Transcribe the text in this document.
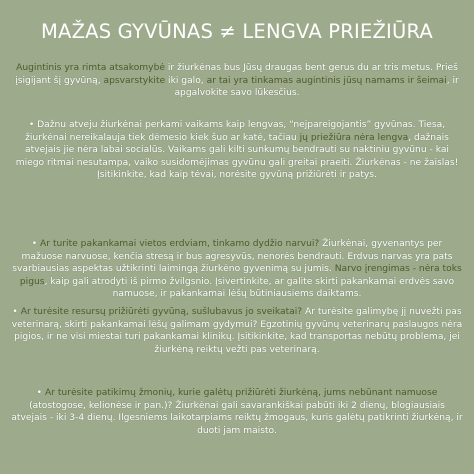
MAŽAS GYVŪNAS ≠ LENGVA PRIEŽIŪRA

Augintinis yra rimta atsakomybė ir žiurkėnas bus Jūsų draugas bent gerus du ar tris metus. Prieš įsigijant šį gyvūną, apsvarstykite iki galo, ar tai yra tinkamas augintinis jūsų namams ir šeimai, ir apgalvokite savo lūkesčius.

• Dažnu atveju žiurkėnai perkami vaikams kaip lengvas, “nejpareigojantis” gyvūnas. Tiesa, žiurkėnai nereikalauja tiek dėmesio kiek šuo ar katė, tačiau jų priežiūra nėra lengva, dažnais atvejais jie nėra labai socialūs. Vaikams gali kilti sunkumų bendrauti su naktiniu gyvūnu - kai miego ritmai nesutampa, vaiko susidomėjimas gyvūnu gali greitai praeiti. Žiurkėnas - ne žaislas! Įsitikinkite, kad kaip tėvai, norėsite gyvūną prižiūrėti ir patys.

• Ar turite pakankamai vietos erdviam, tinkamo dydžio narvui? Žiurkėnai, gyvenantys per mažuose narvuose, kenčia stresą ir bus agresyvūs, nenorės bendrauti. Erdvus narvas yra pats svarbiausias aspektas užtikrinti laimingą žiurkėno gyvenimą su jumis. Narvo įrengimas - nėra toks pigus, kaip gali atrodyti iš pirmo žvilgsnio. Įsivertinkite, ar galite skirti pakankamai erdvės savo namuose, ir pakankamai lėšų būtiniausiems daiktams.

• Ar turėsite resursų prižiūrėti gyvūną, sušlubavus jo sveikatai? Ar turėsite galimybę jį nuvežti pas veterinarą, skirti pakankamai lėšų galimam gydymui? Egzotinių gyvūnų veterinarų paslaugos nėra pigios, ir ne visi miestai turi pakankamai klinikų. Įsitikinkite, kad transportas nebūtų problema, jei žiurkėną reiktų vežti pas veterinarą.

• Ar turėsite patikimų žmonių, kurie galėtų prižiūrėti žiurkėną, jums nebūnant namuose (atostogose, kelionėse ir pan.)? Žiurkėnai gali savarankiškai pabūti iki 2 dienų, blogiausiais atvejais - iki 3-4 dienų. Ilgesniems laikotarpiams reiktų žmogaus, kuris galėtų patikrinti žiurkėną, ir duoti jam maisto.
